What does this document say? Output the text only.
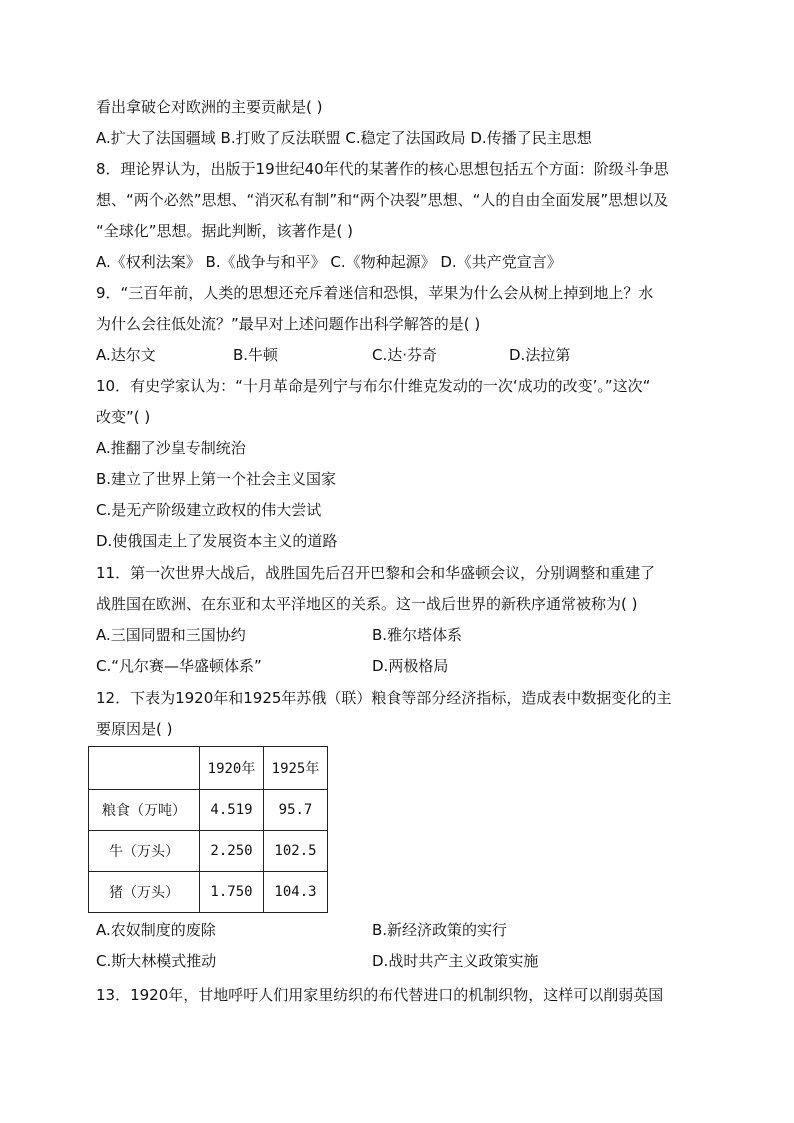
看出拿破仑对欧洲的主要贡献是( )
A.扩大了法国疆域 B.打败了反法联盟 C.稳定了法国政局 D.传播了民主思想
8．理论界认为，出版于19世纪40年代的某著作的核心思想包括五个方面：阶级斗争思
想、“两个必然”思想、“消灭私有制”和“两个决裂”思想、“人的自由全面发展”思想以及
“全球化”思想。据此判断，该著作是( )
A.《权利法案》 B.《战争与和平》 C.《物种起源》 D.《共产党宣言》
9．“三百年前，人类的思想还充斥着迷信和恐惧，苹果为什么会从树上掉到地上？水
为什么会往低处流？”最早对上述问题作出科学解答的是( )
A.达尔文	B.牛顿	C.达·芬奇	D.法拉第
10．有史学家认为：“十月革命是列宁与布尔什维克发动的一次‘成功的改变’。”这次“
改变”( )
A.推翻了沙皇专制统治
B.建立了世界上第一个社会主义国家
C.是无产阶级建立政权的伟大尝试
D.使俄国走上了发展资本主义的道路
11．第一次世界大战后，战胜国先后召开巴黎和会和华盛顿会议，分别调整和重建了
战胜国在欧洲、在东亚和太平洋地区的关系。这一战后世界的新秩序通常被称为( )
A.三国同盟和三国协约	B.雅尔塔体系
C.“凡尔赛—华盛顿体系”	D.两极格局
12．下表为1920年和1925年苏俄（联）粮食等部分经济指标，造成表中数据变化的主
要原因是( )
	1920年	1925年
粮食（万吨）	4.519	95.7
牛（万头）	2.250	102.5
猪（万头）	1.750	104.3
A.农奴制度的废除	B.新经济政策的实行
C.斯大林模式推动	D.战时共产主义政策实施
13．1920年，甘地呼吁人们用家里纺织的布代替进口的机制织物，这样可以削弱英国
